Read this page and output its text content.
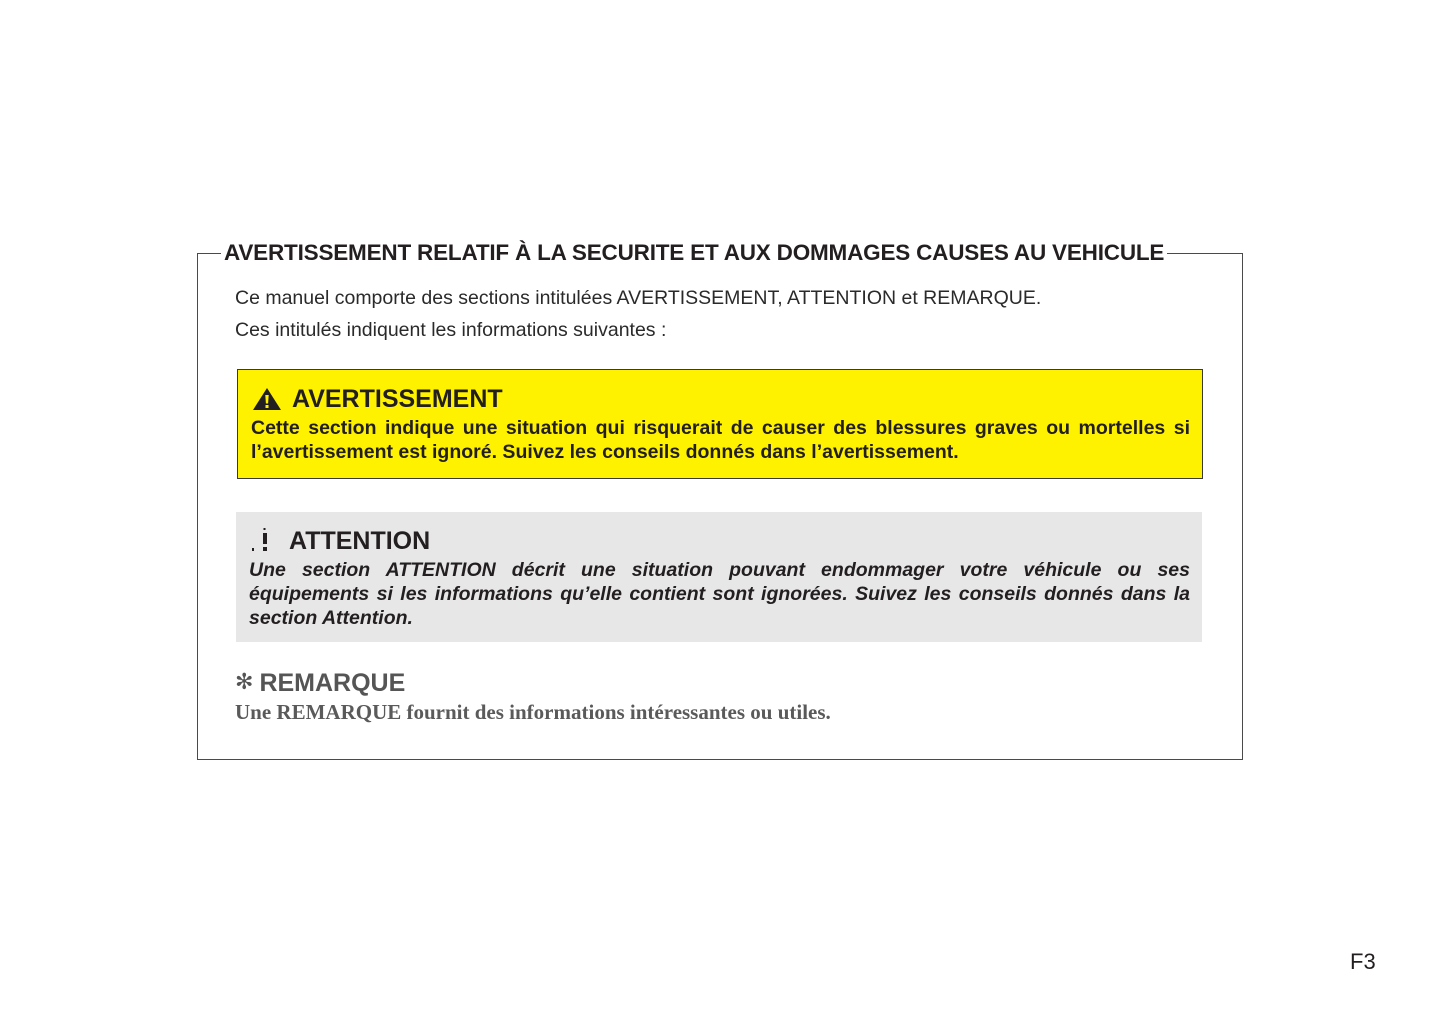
AVERTISSEMENT RELATIF À LA SECURITE ET AUX DOMMAGES CAUSES AU VEHICULE
Ce manuel comporte des sections intitulées AVERTISSEMENT, ATTENTION et REMARQUE.
Ces intitulés indiquent les informations suivantes :
AVERTISSEMENT
Cette section indique une situation qui risquerait de causer des blessures graves ou mortelles si l’avertissement est ignoré. Suivez les conseils donnés dans l’avertissement.
ATTENTION
Une section ATTENTION décrit une situation pouvant endommager votre véhicule ou ses équipements si les informations qu’elle contient sont ignorées. Suivez les conseils donnés dans la section Attention.
✻ REMARQUE
Une REMARQUE fournit des informations intéressantes ou utiles.
F3
